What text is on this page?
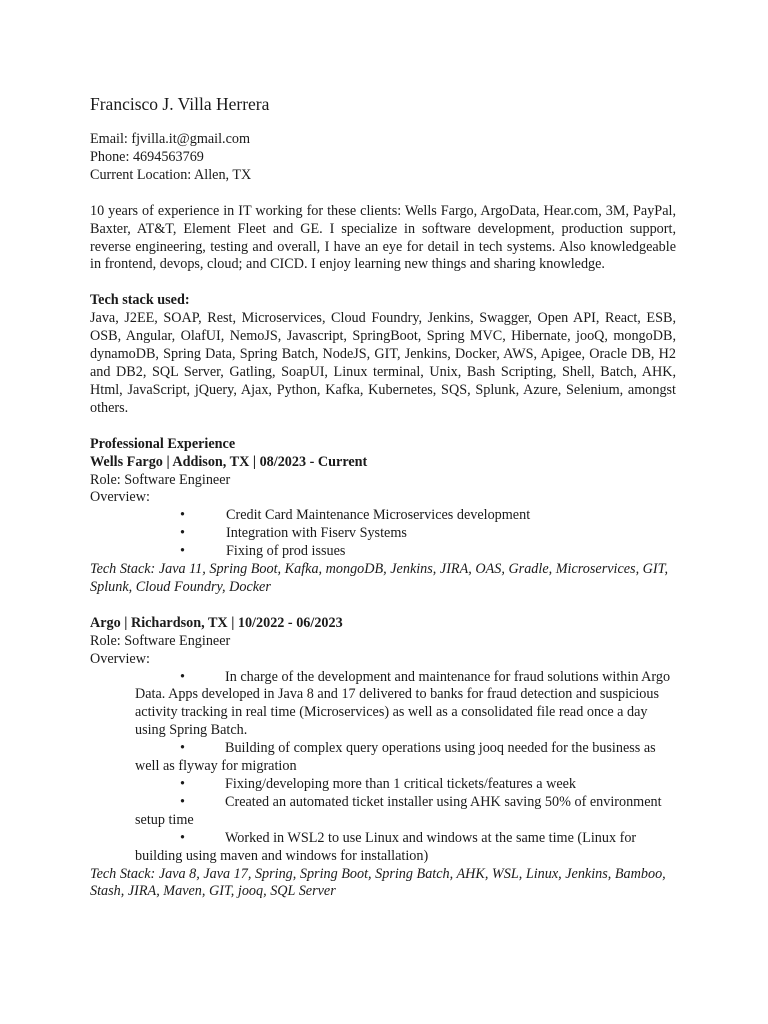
Francisco J. Villa Herrera
Email: fjvilla.it@gmail.com
Phone: 4694563769
Current Location: Allen, TX

10 years of experience in IT working for these clients: Wells Fargo, ArgoData, Hear.com, 3M, PayPal, Baxter, AT&T, Element Fleet and GE. I specialize in software development, production support, reverse engineering, testing and overall, I have an eye for detail in tech systems. Also knowledgeable in frontend, devops, cloud; and CICD. I enjoy learning new things and sharing knowledge.

Tech stack used:

Java, J2EE, SOAP, Rest, Microservices, Cloud Foundry, Jenkins, Swagger, Open API, React, ESB, OSB, Angular, OlafUI, NemoJS, Javascript, SpringBoot, Spring MVC, Hibernate, jooQ, mongoDB, dynamoDB, Spring Data, Spring Batch, NodeJS, GIT, Jenkins, Docker, AWS, Apigee, Oracle DB, H2 and DB2, SQL Server, Gatling, SoapUI, Linux terminal, Unix, Bash Scripting, Shell, Batch, AHK, Html, JavaScript, jQuery, Ajax, Python, Kafka, Kubernetes, SQS, Splunk, Azure, Selenium, amongst others.

Professional Experience
Wells Fargo | Addison, TX | 08/2023 - Current
Role: Software Engineer
Overview:
•	Credit Card Maintenance Microservices development
•	Integration with Fiserv Systems
•	Fixing of prod issues

Tech Stack: Java 11, Spring Boot, Kafka, mongoDB, Jenkins, JIRA, OAS, Gradle, Microservices, GIT, Splunk, Cloud Foundry, Docker

Argo | Richardson, TX | 10/2022 - 06/2023
Role: Software Engineer
Overview:
•	In charge of the development and maintenance for fraud solutions within Argo Data. Apps developed in Java 8 and 17 delivered to banks for fraud detection and suspicious activity tracking in real time (Microservices) as well as a consolidated file read once a day using Spring Batch.
•	Building of complex query operations using jooq needed for the business as well as flyway for migration
•	Fixing/developing more than 1 critical tickets/features a week
•	Created an automated ticket installer using AHK saving 50% of environment setup time
•	Worked in WSL2 to use Linux and windows at the same time (Linux for building using maven and windows for installation)

Tech Stack: Java 8, Java 17, Spring, Spring Boot, Spring Batch, AHK, WSL, Linux, Jenkins, Bamboo, Stash, JIRA, Maven, GIT, jooq, SQL Server
